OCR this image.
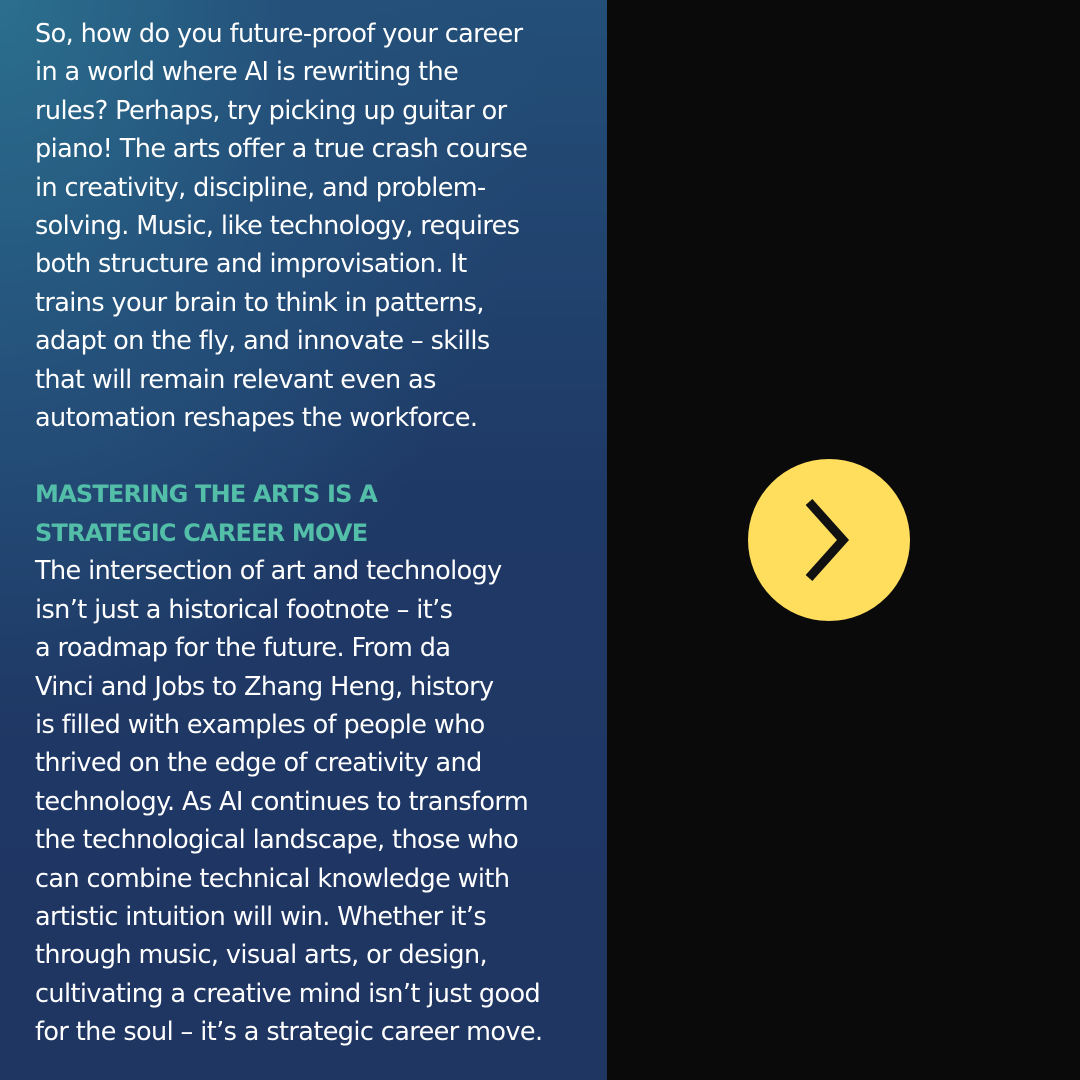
So, how do you future-proof your career
in a world where AI is rewriting the
rules? Perhaps, try picking up guitar or
piano! The arts offer a true crash course
in creativity, discipline, and problem-
solving. Music, like technology, requires
both structure and improvisation. It
trains your brain to think in patterns,
adapt on the fly, and innovate – skills
that will remain relevant even as
automation reshapes the workforce.

MASTERING THE ARTS IS A
STRATEGIC CAREER MOVE

The intersection of art and technology
isn’t just a historical footnote – it’s
a roadmap for the future. From da
Vinci and Jobs to Zhang Heng, history
is filled with examples of people who
thrived on the edge of creativity and
technology. As AI continues to transform
the technological landscape, those who
can combine technical knowledge with
artistic intuition will win. Whether it’s
through music, visual arts, or design,
cultivating a creative mind isn’t just good
for the soul – it’s a strategic career move.
